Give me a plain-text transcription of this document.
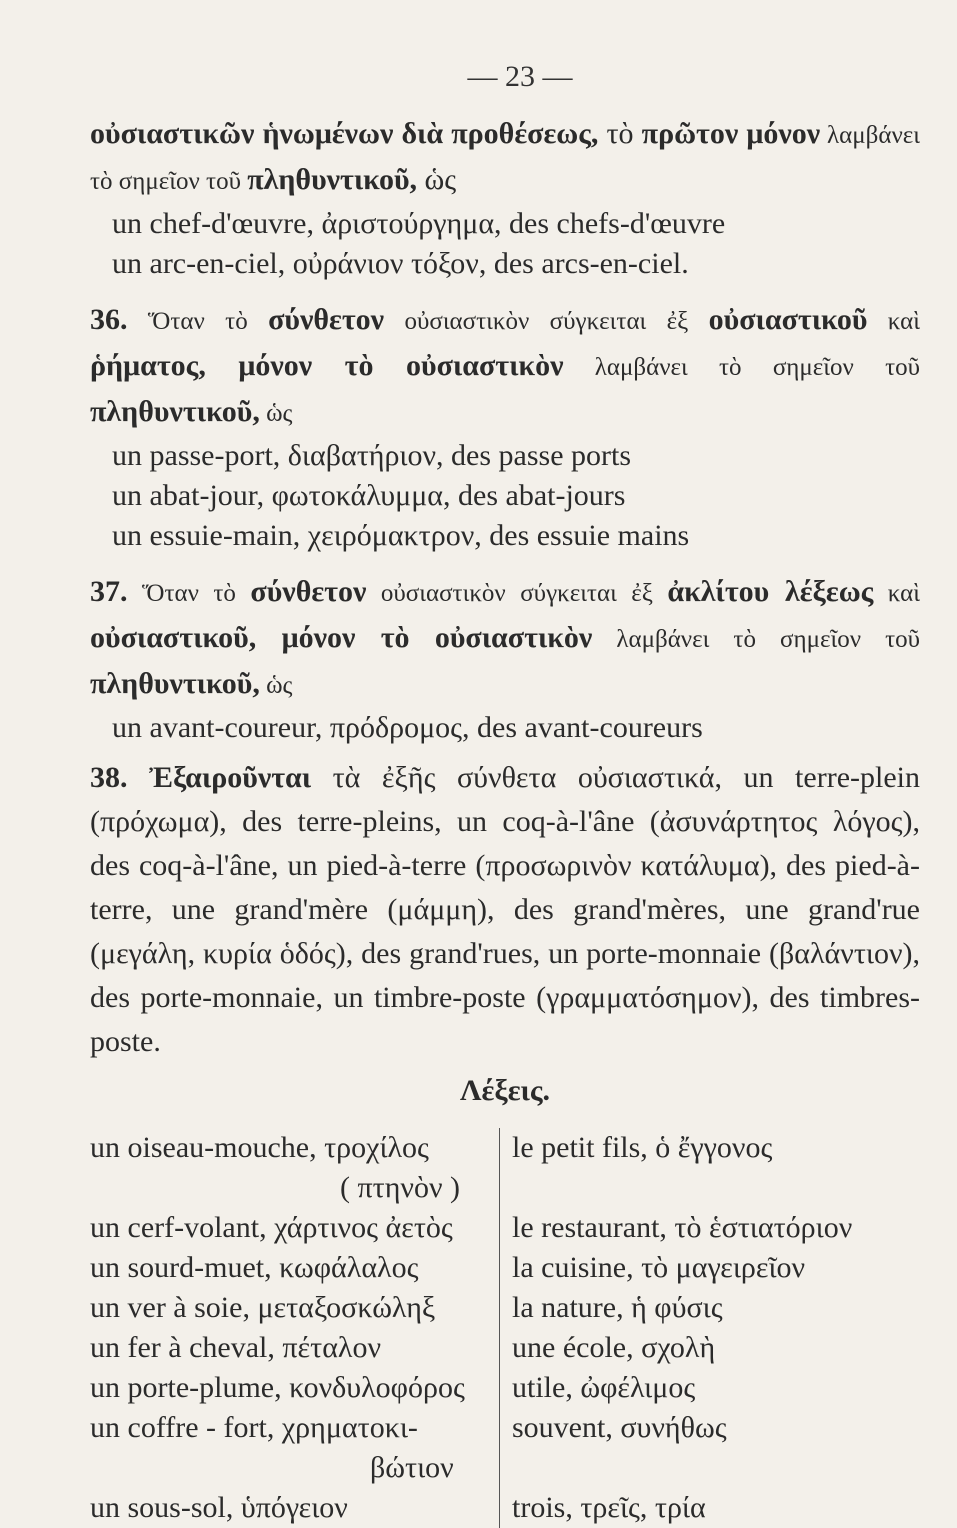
— 23 —
οὐσιαστικῶν ἡνωμένων διὰ προθέσεως, τὸ πρῶτον μόνον λαμβάνει τὸ σημεῖον τοῦ πληθυντικοῦ, ὡς
un chef-d'œuvre, ἀριστούργημα, des chefs-d'œuvre
un arc-en-ciel, οὐράνιον τόξον, des arcs-en-ciel.
36. Ὅταν τὸ σύνθετον οὐσιαστικὸν σύγκειται ἐξ οὐσιαστικοῦ καὶ ῥήματος, μόνον τὸ οὐσιαστικὸν λαμβάνει τὸ σημεῖον τοῦ πληθυντικοῦ, ὡς
un passe-port, διαβατήριον, des passe ports
un abat-jour, φωτοκάλυμμα, des abat-jours
un essuie-main, χειρόμακτρον, des essuie mains
37. Ὅταν τὸ σύνθετον οὐσιαστικὸν σύγκειται ἐξ ἀκλίτου λέξεως καὶ οὐσιαστικοῦ, μόνον τὸ οὐσιαστικὸν λαμβάνει τὸ σημεῖον τοῦ πληθυντικοῦ, ὡς
un avant-coureur, πρόδρομος, des avant-coureurs
38. Ἐξαιροῦνται τὰ ἐξῆς σύνθετα οὐσιαστικά, un terre-plein (πρόχωμα), des terre-pleins, un coq-à-l'âne (ἀσυνάρτητος λόγος), des coq-à-l'âne, un pied-à-terre (προσωρινὸν κατάλυμα), des pied-à-terre, une grand'mère (μάμμη), des grand'mères, une grand'rue (μεγάλη, κυρία ὁδός), des grand'rues, un porte-monnaie (βαλάντιον), des porte-monnaie, un timbre-poste (γραμματόσημον), des timbres-poste.
Λέξεις.
un oiseau-mouche, τροχίλος
( πτηνὸν )
un cerf-volant, χάρτινος ἀετὸς
un sourd-muet, κωφάλαλος
un ver à soie, μεταξοσκώληξ
un fer à cheval, πέταλον
un porte-plume, κονδυλοφόρος
un coffre - fort, χρηματοκι-
βώτιον
un sous-sol, ὑπόγειον
le petit fils, ὁ ἔγγονος
le restaurant, τὸ ἑστιατόριον
la cuisine, τὸ μαγειρεῖον
la nature, ἡ φύσις
une école, σχολὴ
utile, ὠφέλιμος
souvent, συνήθως
trois, τρεῖς, τρία
